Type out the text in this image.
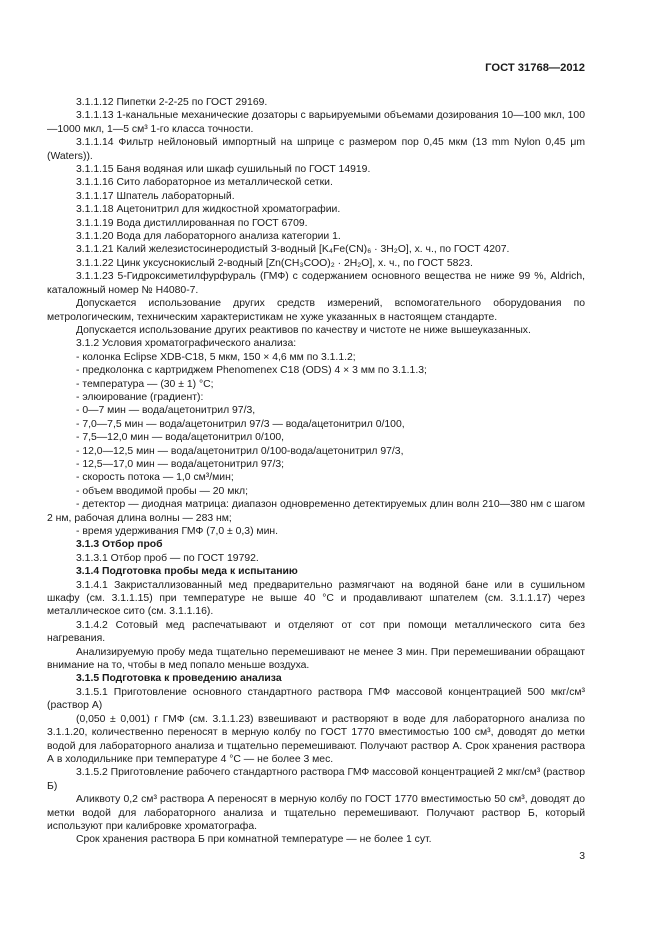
ГОСТ 31768—2012

3.1.1.12 Пипетки 2-2-25 по ГОСТ 29169.

3.1.1.13 1-канальные механические дозаторы с варьируемыми объемами дозирования 10—100 мкл, 100—1000 мкл, 1—5 см³ 1-го класса точности.

3.1.1.14 Фильтр нейлоновый импортный на шприце с размером пор 0,45 мкм (13 mm Nylon 0,45 μm (Waters)).

3.1.1.15 Баня водяная или шкаф сушильный по ГОСТ 14919.

3.1.1.16 Сито лабораторное из металлической сетки.

3.1.1.17 Шпатель лабораторный.

3.1.1.18 Ацетонитрил для жидкостной хроматографии.

3.1.1.19 Вода дистиллированная по ГОСТ 6709.

3.1.1.20 Вода для лабораторного анализа категории 1.

3.1.1.21 Калий железистосинеродистый 3-водный [K₄Fe(CN)₆ · 3H₂O], х. ч., по ГОСТ 4207.

3.1.1.22 Цинк уксуснокислый 2-водный [Zn(CH₃COO)₂ · 2H₂O], х. ч., по ГОСТ 5823.

3.1.1.23 5-Гидроксиметилфурфураль (ГМФ) с содержанием основного вещества не ниже 99 %, Aldrich, каталожный номер № H4080-7.

Допускается использование других средств измерений, вспомогательного оборудования по метрологическим, техническим характеристикам не хуже указанных в настоящем стандарте.

Допускается использование других реактивов по качеству и чистоте не ниже вышеуказанных.

3.1.2 Условия хроматографического анализа:

- колонка Eclipse XDB-C18, 5 мкм, 150 × 4,6 мм по 3.1.1.2;

- предколонка с картриджем Phenomenex C18 (ODS) 4 × 3 мм по 3.1.1.3;

- температура — (30 ± 1) °С;

- элюирование (градиент):

- 0—7 мин — вода/ацетонитрил 97/3,

- 7,0—7,5 мин — вода/ацетонитрил 97/3 — вода/ацетонитрил 0/100,

- 7,5—12,0 мин — вода/ацетонитрил 0/100,

- 12,0—12,5 мин — вода/ацетонитрил 0/100-вода/ацетонитрил 97/3,

- 12,5—17,0 мин — вода/ацетонитрил 97/3;

- скорость потока — 1,0 см³/мин;

- объем вводимой пробы — 20 мкл;

- детектор — диодная матрица: диапазон одновременно детектируемых длин волн 210—380 нм с шагом 2 нм, рабочая длина волны — 283 нм;

- время удерживания ГМФ (7,0 ± 0,3) мин.

3.1.3 Отбор проб

3.1.3.1 Отбор проб — по ГОСТ 19792.

3.1.4 Подготовка пробы меда к испытанию

3.1.4.1 Закристаллизованный мед предварительно размягчают на водяной бане или в сушильном шкафу (см. 3.1.1.15) при температуре не выше 40 °С и продавливают шпателем (см. 3.1.1.17) через металлическое сито (см. 3.1.1.16).

3.1.4.2 Сотовый мед распечатывают и отделяют от сот при помощи металлического сита без нагревания.

Анализируемую пробу меда тщательно перемешивают не менее 3 мин. При перемешивании обращают внимание на то, чтобы в мед попало меньше воздуха.

3.1.5 Подготовка к проведению анализа

3.1.5.1 Приготовление основного стандартного раствора ГМФ массовой концентрацией 500 мкг/см³ (раствор А)

(0,050 ± 0,001) г ГМФ (см. 3.1.1.23) взвешивают и растворяют в воде для лабораторного анализа по 3.1.1.20, количественно переносят в мерную колбу по ГОСТ 1770 вместимостью 100 см³, доводят до метки водой для лабораторного анализа и тщательно перемешивают. Получают раствор А. Срок хранения раствора А в холодильнике при температуре 4 °С — не более 3 мес.

3.1.5.2 Приготовление рабочего стандартного раствора ГМФ массовой концентрацией 2 мкг/см³ (раствор Б)

Аликвоту 0,2 см³ раствора А переносят в мерную колбу по ГОСТ 1770 вместимостью 50 см³, доводят до метки водой для лабораторного анализа и тщательно перемешивают. Получают раствор Б, который используют при калибровке хроматографа.

Срок хранения раствора Б при комнатной температуре — не более 1 сут.

3
